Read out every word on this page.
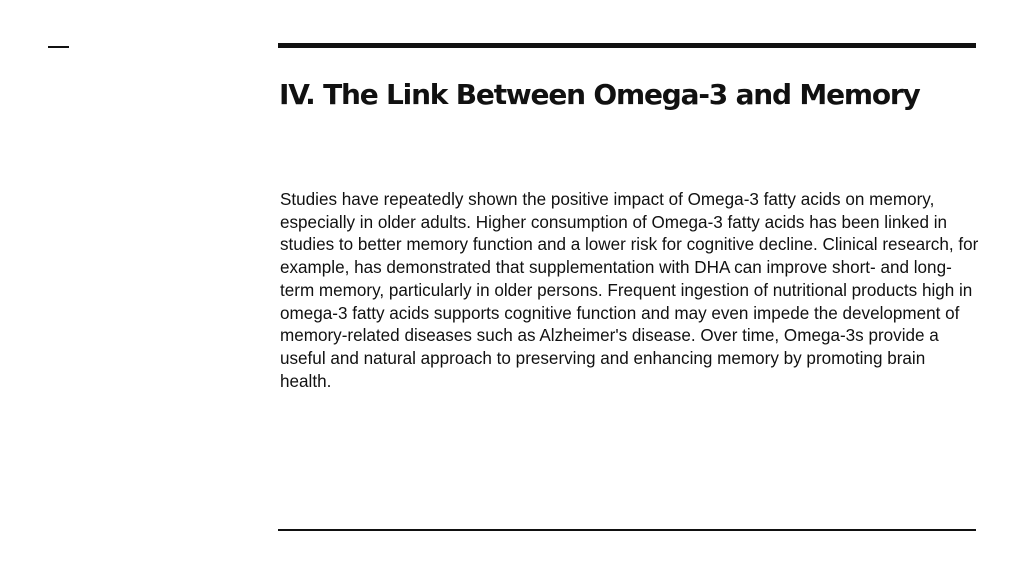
IV. The Link Between Omega-3 and Memory

Studies have repeatedly shown the positive impact of Omega-3 fatty acids on memory, especially in older adults. Higher consumption of Omega-3 fatty acids has been linked in studies to better memory function and a lower risk for cognitive decline. Clinical research, for example, has demonstrated that supplementation with DHA can improve short- and long-term memory, particularly in older persons. Frequent ingestion of nutritional products high in omega-3 fatty acids supports cognitive function and may even impede the development of memory-related diseases such as Alzheimer's disease. Over time, Omega-3s provide a useful and natural approach to preserving and enhancing memory by promoting brain health.
